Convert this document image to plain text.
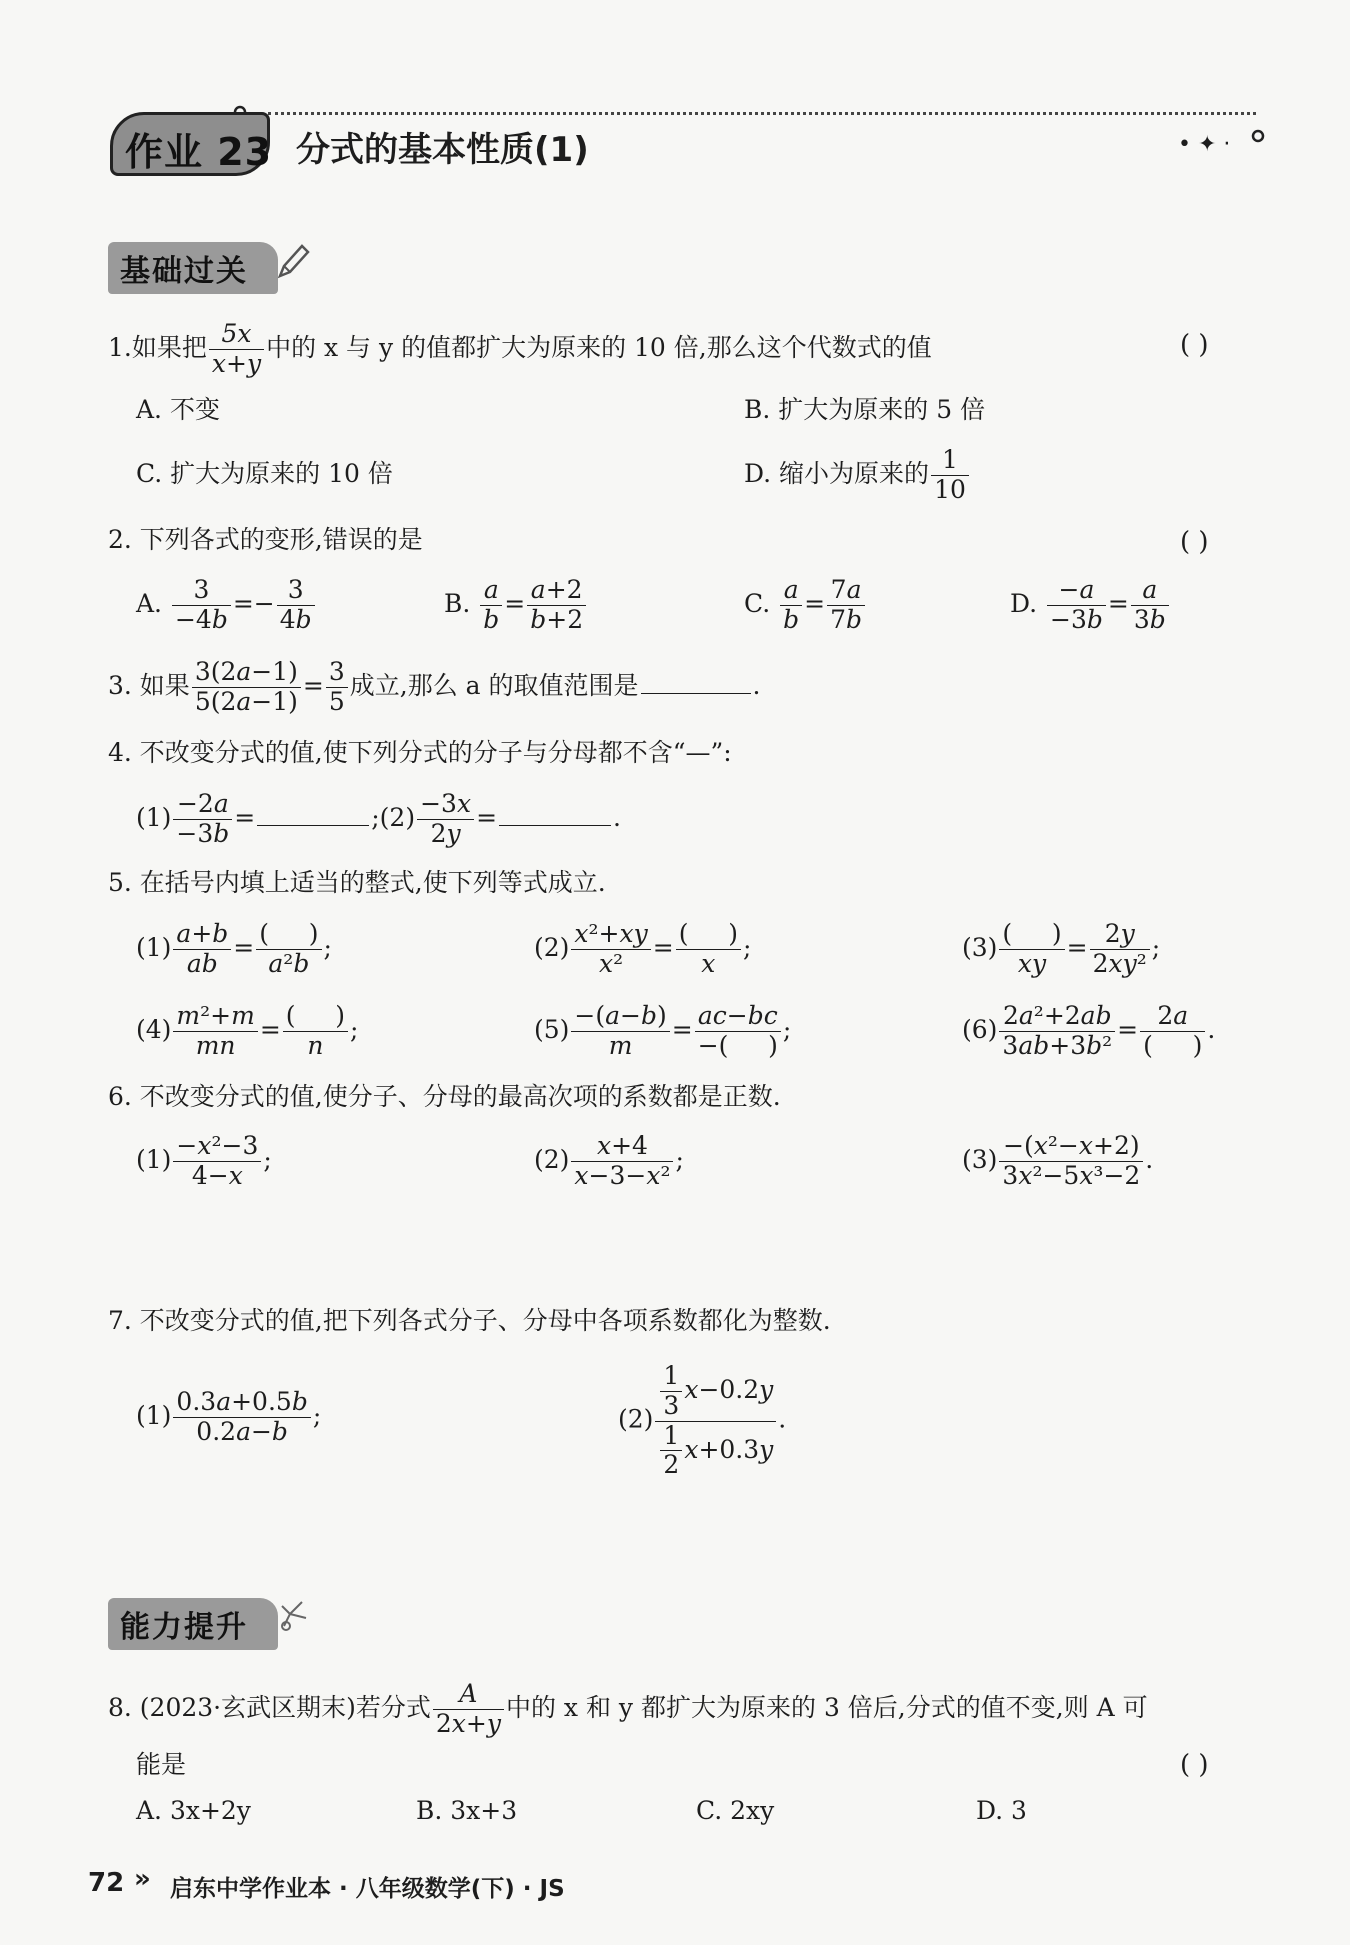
• ✦ ·
作业 23 分式的基本性质(1)
基础过关
1.如果把 $\frac{5x}{x+y}$ 中的 x 与 y 的值都扩大为原来的 10 倍,那么这个代数式的值	( )
A. 不变	B. 扩大为原来的 5 倍
C. 扩大为原来的 10 倍	D. 缩小为原来的 $\frac{1}{10}$
2. 下列各式的变形,错误的是	( )
A. $\frac{3}{-4b} =- \frac{3}{4b}$	B. $\frac{a}{b} = \frac{a+2}{b+2}$	C. $\frac{a}{b} = \frac{7a}{7b}$	D. $\frac{-a}{-3b} = \frac{a}{3b}$
3. 如果 $\frac{3(2a-1)}{5(2a-1)} = \frac{3}{5}$ 成立,那么 a 的取值范围是	.
4. 不改变分式的值,使下列分式的分子与分母都不含“—”:
$(1) \frac{-2a}{-3b}$ =	;(2) $\frac{-3x}{2y}$ =	.
5. 在括号内填上适当的整式,使下列等式成立.
$(1) \frac{a+b}{ab} = \frac{( )}{\text{a²b}}$ ;	$(2) \frac{\text{x²+xy}}{\text{x²}} = \frac{( )}{x}$ ;	$(3) \frac{( )}{xy} = \frac{2y}{\text{2xy²}}$ ;
$(4) \frac{\text{m²+m}}{mn} = \frac{( )}{n}$ ;	$(5) \frac{-(a-b)}{m} = \frac{ac-bc}{-( )}$ ;	$(6) \frac{\text{2a²+2ab}}{\text{3ab+3b²}} = \frac{2a}{( )}$ .
6. 不改变分式的值,使分子、分母的最高次项的系数都是正数.
$(1) \frac{\text{−x²−3}}{4-x}$ ;	$(2) \frac{x+4}{\text{x−3−x²}}$ ;	$(3) \frac{\text{−(x²−x+2)}}{\text{3x²−5x³−2}}$ .
7. 不改变分式的值,把下列各式分子、分母中各项系数都化为整数.
$(1) \frac{0.3a+0.5b}{0.2a-b}$ ;	$(2) \frac{\frac{1}{3} x-0.2y}{\frac{1}{2} x+0.3y}$ .
能力提升
8. (2023·玄武区期末)若分式 $\frac{A}{2x+y}$ 中的 x 和 y 都扩大为原来的 3 倍后,分式的值不变,则 A 可
能是	( )
A. 3x+2y	B. 3x+3	C. 2xy	D. 3
72 » 启东中学作业本 · 八年级数学(下) · JS
